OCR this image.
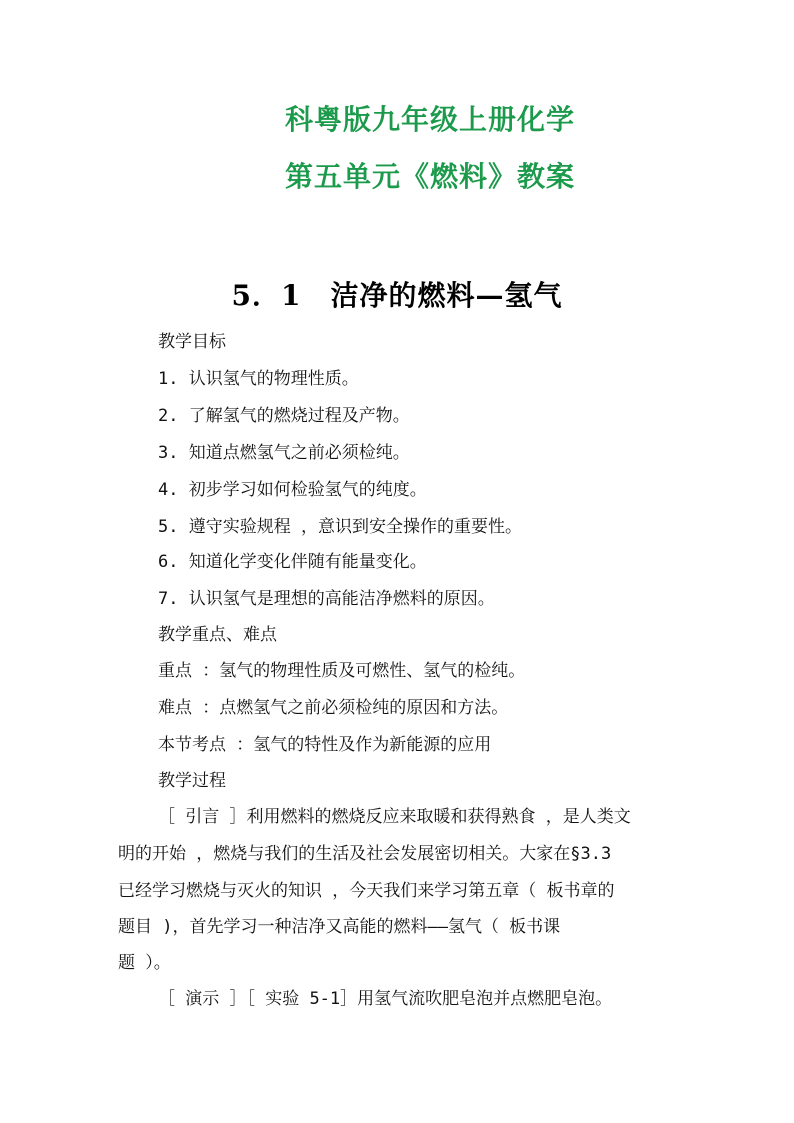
科粤版九年级上册化学
第五单元《燃料》教案
5．1　洁净的燃料—氢气
教学目标
1. 认识氢气的物理性质。
2. 了解氢气的燃烧过程及产物。
3. 知道点燃氢气之前必须检纯。
4. 初步学习如何检验氢气的纯度。
5. 遵守实验规程 ，意识到安全操作的重要性。
6. 知道化学变化伴随有能量变化。
7. 认识氢气是理想的高能洁净燃料的原因。
教学重点、难点
重点 ：氢气的物理性质及可燃性、氢气的检纯。
难点 ：点燃氢气之前必须检纯的原因和方法。
本节考点 ：氢气的特性及作为新能源的应用
教学过程
［ 引言 ］利用燃料的燃烧反应来取暖和获得熟食 ，是人类文
明的开始 ，燃烧与我们的生活及社会发展密切相关。大家在§3.3
已经学习燃烧与灭火的知识 ，今天我们来学习第五章（ 板书章的
题目 )，首先学习一种洁净又高能的燃料——氢气（ 板书课
题 ）。
［ 演示 ］［ 实验 5-1］用氢气流吹肥皂泡并点燃肥皂泡。
